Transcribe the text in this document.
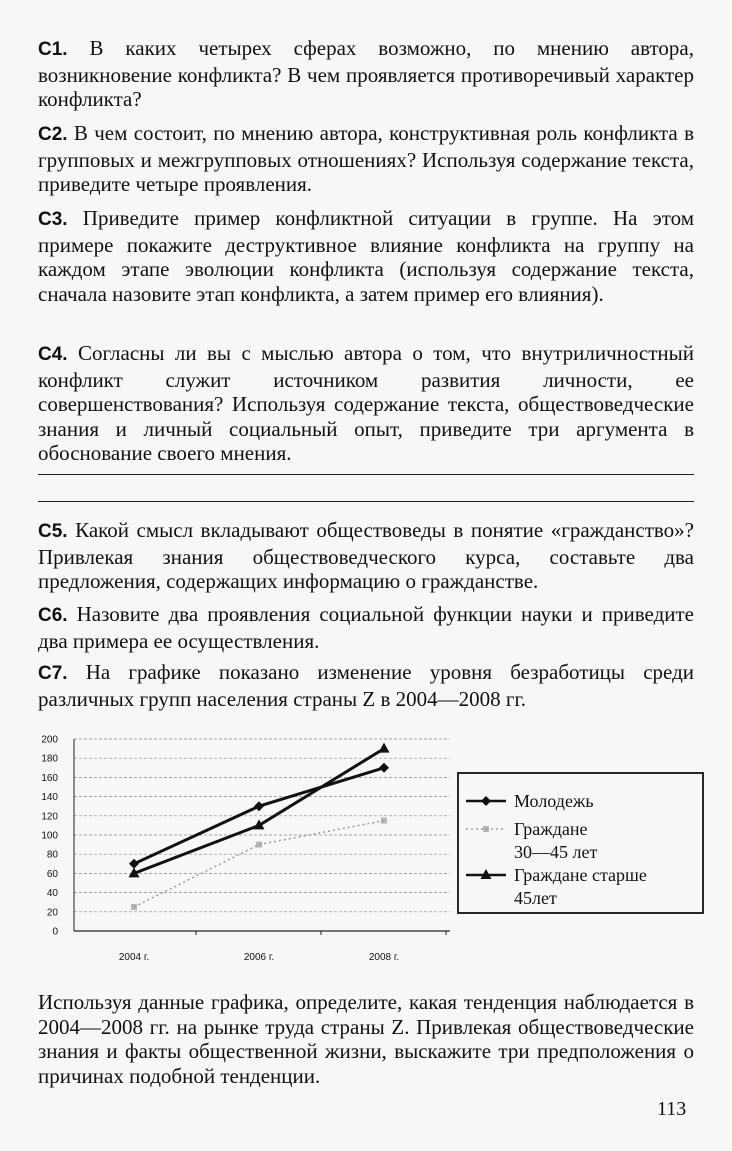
С1. В каких четырех сферах возможно, по мнению автора, возникновение конфликта? В чем проявляется противоречивый характер конфликта?

С2. В чем состоит, по мнению автора, конструктивная роль конфликта в групповых и межгрупповых отношениях? Используя содержание текста, приведите четыре проявления.

С3. Приведите пример конфликтной ситуации в группе. На этом примере покажите деструктивное влияние конфликта на группу на каждом этапе эволюции конфликта (используя содержание текста, сначала назовите этап конфликта, а затем пример его влияния).

С4. Согласны ли вы с мыслью автора о том, что внутриличностный конфликт служит источником развития личности, ее совершенствования? Используя содержание текста, обществоведческие знания и личный социальный опыт, приведите три аргумента в обоснование своего мнения.

С5. Какой смысл вкладывают обществоведы в понятие «гражданство»? Привлекая знания обществоведческого курса, составьте два предложения, содержащих информацию о гражданстве.

С6. Назовите два проявления социальной функции науки и приведите два примера ее осуществления.

С7. На графике показано изменение уровня безработицы среди различных групп населения страны Z в 2004—2008 гг.

0
20
40
60
80
100
120
140
160
180
200
2004 г.	2006 г.	2008 г.
Молодежь
Граждане
30—45 лет
Граждане старше
45лет

Используя данные графика, определите, какая тенденция наблюдается в 2004—2008 гг. на рынке труда страны Z. Привлекая обществоведческие знания и факты общественной жизни, выскажите три предположения о причинах подобной тенденции.

113
